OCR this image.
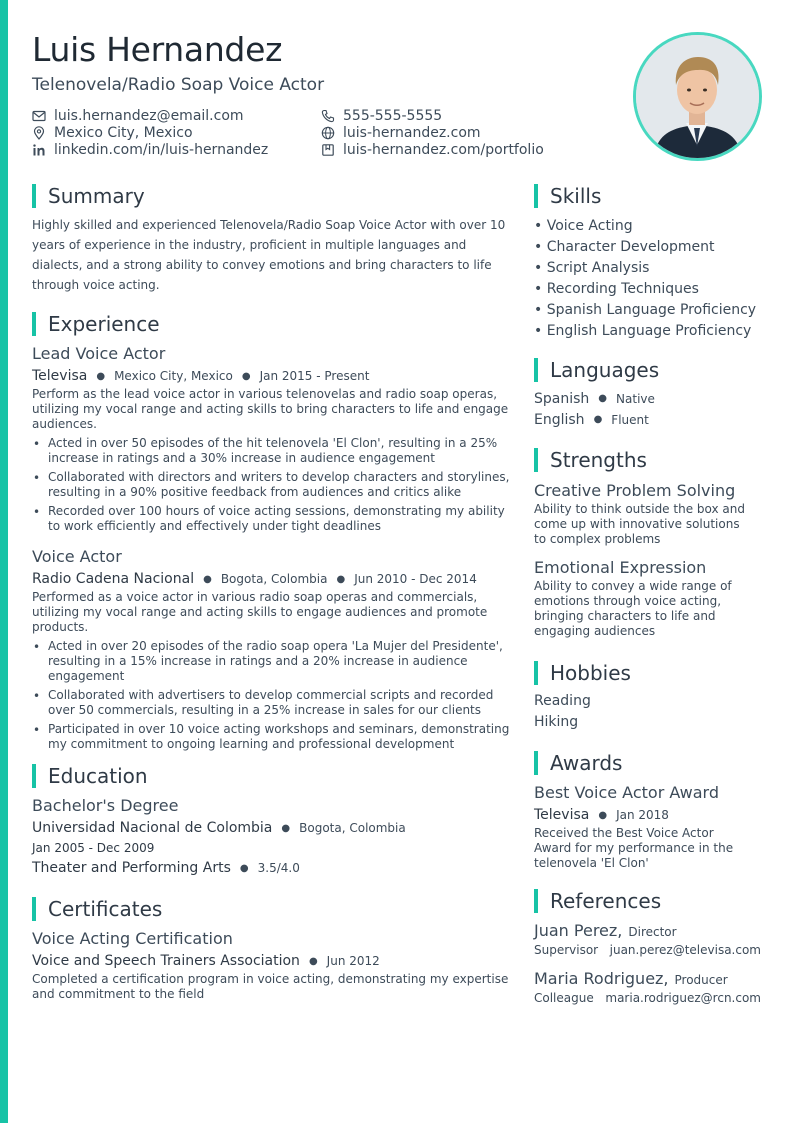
Luis Hernandez
Telenovela/Radio Soap Voice Actor
luis.hernandez@email.com	555-555-5555
Mexico City, Mexico	luis-hernandez.com
linkedin.com/in/luis-hernandez	luis-hernandez.com/portfolio
Summary

Highly skilled and experienced Telenovela/Radio Soap Voice Actor with over 10 years of experience in the industry, proficient in multiple languages and dialects, and a strong ability to convey emotions and bring characters to life through voice acting.

Experience
Lead Voice Actor
Televisa ● Mexico City, Mexico ● Jan 2015 - Present

Perform as the lead voice actor in various telenovelas and radio soap operas, utilizing my vocal range and acting skills to bring characters to life and engage audiences.

• Acted in over 50 episodes of the hit telenovela 'El Clon', resulting in a 25% increase in ratings and a 30% increase in audience engagement
• Collaborated with directors and writers to develop characters and storylines, resulting in a 90% positive feedback from audiences and critics alike
• Recorded over 100 hours of voice acting sessions, demonstrating my ability to work efficiently and effectively under tight deadlines
Voice Actor
Radio Cadena Nacional ● Bogota, Colombia ● Jun 2010 - Dec 2014

Performed as a voice actor in various radio soap operas and commercials, utilizing my vocal range and acting skills to engage audiences and promote products.

• Acted in over 20 episodes of the radio soap opera 'La Mujer del Presidente', resulting in a 15% increase in ratings and a 20% increase in audience engagement
• Collaborated with advertisers to develop commercial scripts and recorded over 50 commercials, resulting in a 25% increase in sales for our clients
• Participated in over 10 voice acting workshops and seminars, demonstrating my commitment to ongoing learning and professional development
Education
Bachelor's Degree
Universidad Nacional de Colombia ● Bogota, Colombia
Jan 2005 - Dec 2009
Theater and Performing Arts ● 3.5/4.0
Certificates
Voice Acting Certification
Voice and Speech Trainers Association ● Jun 2012

Completed a certification program in voice acting, demonstrating my expertise and commitment to the field

Skills
• Voice Acting
• Character Development
• Script Analysis
• Recording Techniques
• Spanish Language Proficiency
• English Language Proficiency
Languages
Spanish ● Native
English ● Fluent
Strengths
Creative Problem Solving

Ability to think outside the box and come up with innovative solutions to complex problems

Emotional Expression

Ability to convey a wide range of emotions through voice acting, bringing characters to life and engaging audiences

Hobbies
Reading
Hiking
Awards
Best Voice Actor Award
Televisa ● Jan 2018

Received the Best Voice Actor Award for my performance in the telenovela 'El Clon'

References
Juan Perez, Director
Supervisor juan.perez@televisa.com
Maria Rodriguez, Producer
Colleague maria.rodriguez@rcn.com
